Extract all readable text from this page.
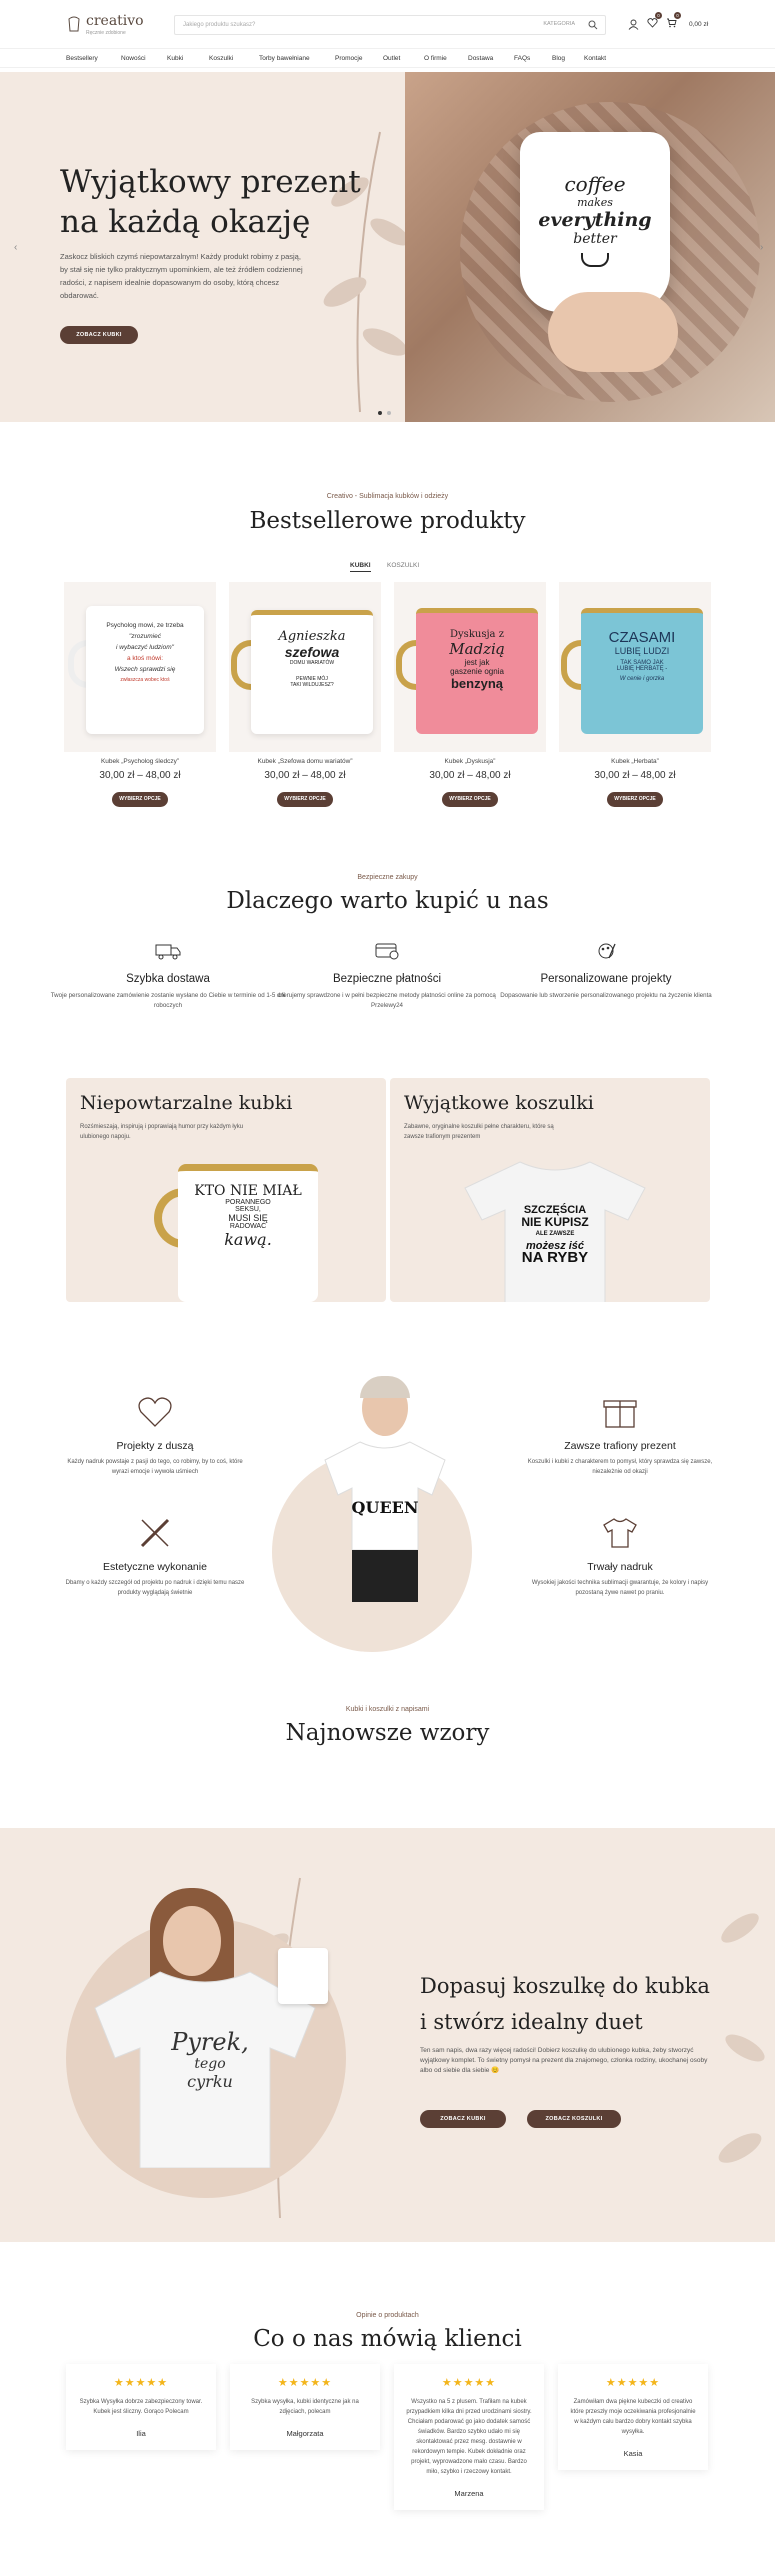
creativo
Ręcznie zdobione
Jakiego produktu szukasz?	KATEGORIA
0	0
0,00 zł
Bestsellery	Nowości	Kubki	Koszulki	Torby bawełniane	Promocje	Outlet	O firmie	Dostawa	FAQs	Blog	Kontakt
coffee
makes
everything
better
Wyjątkowy prezent na każdą okazję
Zaskocz bliskich czymś niepowtarzalnym! Każdy produkt robimy z pasją, by stał się nie tylko praktycznym upominkiem, ale też źródłem codziennej radości, z napisem idealnie dopasowanym do osoby, którą chcesz obdarować.
ZOBACZ KUBKI
‹	›
Creativo - Sublimacja kubków i odzieży
Bestsellerowe produkty
KUBKI	KOSZULKI
Psycholog mowi, ze trzeba
"zrozumieć
i wybaczyć ludziom"
a ktoś mówi:
Wszech sprawdzi się
zwłaszcza wobec ktoś
Agnieszka
szefowa
DOMU WARIATÓW
PEWNIE MÓJ
TAKI WILDUJESZ?
Dyskusja z
Madzią
jest jak
gaszenie ognia
benzyną
CZASAMI
LUBIĘ LUDZI
TAK SAMO JAK
LUBIĘ HERBATĘ -
W cenie i gorzka
Kubek „Psycholog śledczy”	Kubek „Szefowa domu wariatów”	Kubek „Dyskusja”	Kubek „Herbata”
30,00 zł – 48,00 zł	30,00 zł – 48,00 zł	30,00 zł – 48,00 zł	30,00 zł – 48,00 zł
WYBIERZ OPCJE	WYBIERZ OPCJE	WYBIERZ OPCJE	WYBIERZ OPCJE
Bezpieczne zakupy
Dlaczego warto kupić u nas
Szybka dostawa
Twoje personalizowane zamówienie zostanie wysłane do Ciebie w terminie od 1-5 dni roboczych
Bezpieczne płatności
oferujemy sprawdzone i w pełni bezpieczne metody płatności online za pomocą Przelewy24
Personalizowane projekty
Dopasowanie lub stworzenie personalizowanego projektu na życzenie klienta
Niepowtarzalne kubki
Rozśmieszają, inspirują i poprawiają humor przy każdym łyku ulubionego napoju.
KTO NIE MIAŁ
PORANNEGO
SEKSU,
MUSI SIĘ
RADOWAĆ
kawą.
Wyjątkowe koszulki
Zabawne, oryginalne koszulki pełne charakteru, które są zawsze trafionym prezentem
SZCZĘŚCIA
NIE KUPISZ
ALE ZAWSZE
możesz iść
NA RYBY
QUEEN
Projekty z duszą
Każdy nadruk powstaje z pasji do tego, co robimy, by to coś, które wyrazi emocje i wywoła uśmiech
Estetyczne wykonanie
Dbamy o każdy szczegół od projektu po nadruk i dzięki temu nasze produkty wyglądają świetnie
Zawsze trafiony prezent
Koszulki i kubki z charakterem to pomysł, który sprawdza się zawsze, niezależnie od okazji
Trwały nadruk
Wysokiej jakości technika sublimacji gwarantuje, że kolory i napisy pozostaną żywe nawet po praniu.
Kubki i koszulki z napisami
Najnowsze wzory
Pyrek,
tego
cyrku
Dopasuj koszulkę do kubka i stwórz idealny duet
Ten sam napis, dwa razy więcej radości! Dobierz koszulkę do ulubionego kubka, żeby stworzyć wyjątkowy komplet. To świetny pomysł na prezent dla znajomego, członka rodziny, ukochanej osoby albo od siebie dla siebie 😊
ZOBACZ KUBKI	ZOBACZ KOSZULKI
Opinie o produktach
Co o nas mówią klienci
★★★★★
Szybka Wysyłka dobrze zabezpieczony towar. Kubek jest śliczny. Gorąco Polecam
Ilia
★★★★★
Szybka wysyłka, kubki identyczne jak na zdjęciach, polecam
Małgorzata
★★★★★
Wszystko na 5 z plusem. Trafiłam na kubek przypadkiem kilka dni przed urodzinami siostry. Chciałam podarować go jako dodatek samość świadków. Bardzo szybko udało mi się skontaktować przez mesg. dostawnie w rekordowym tempie. Kubek dokładnie oraz projekt, wyprowadzone mało czasu. Bardzo miło, szybko i rzeczowy kontakt.
Marzena
★★★★★
Zamówiłam dwa piękne kubeczki od creativo które przeszły moje oczekiwania profesjonalnie w każdym calu bardzo dobry kontakt szybka wysyłka.
Kasia
